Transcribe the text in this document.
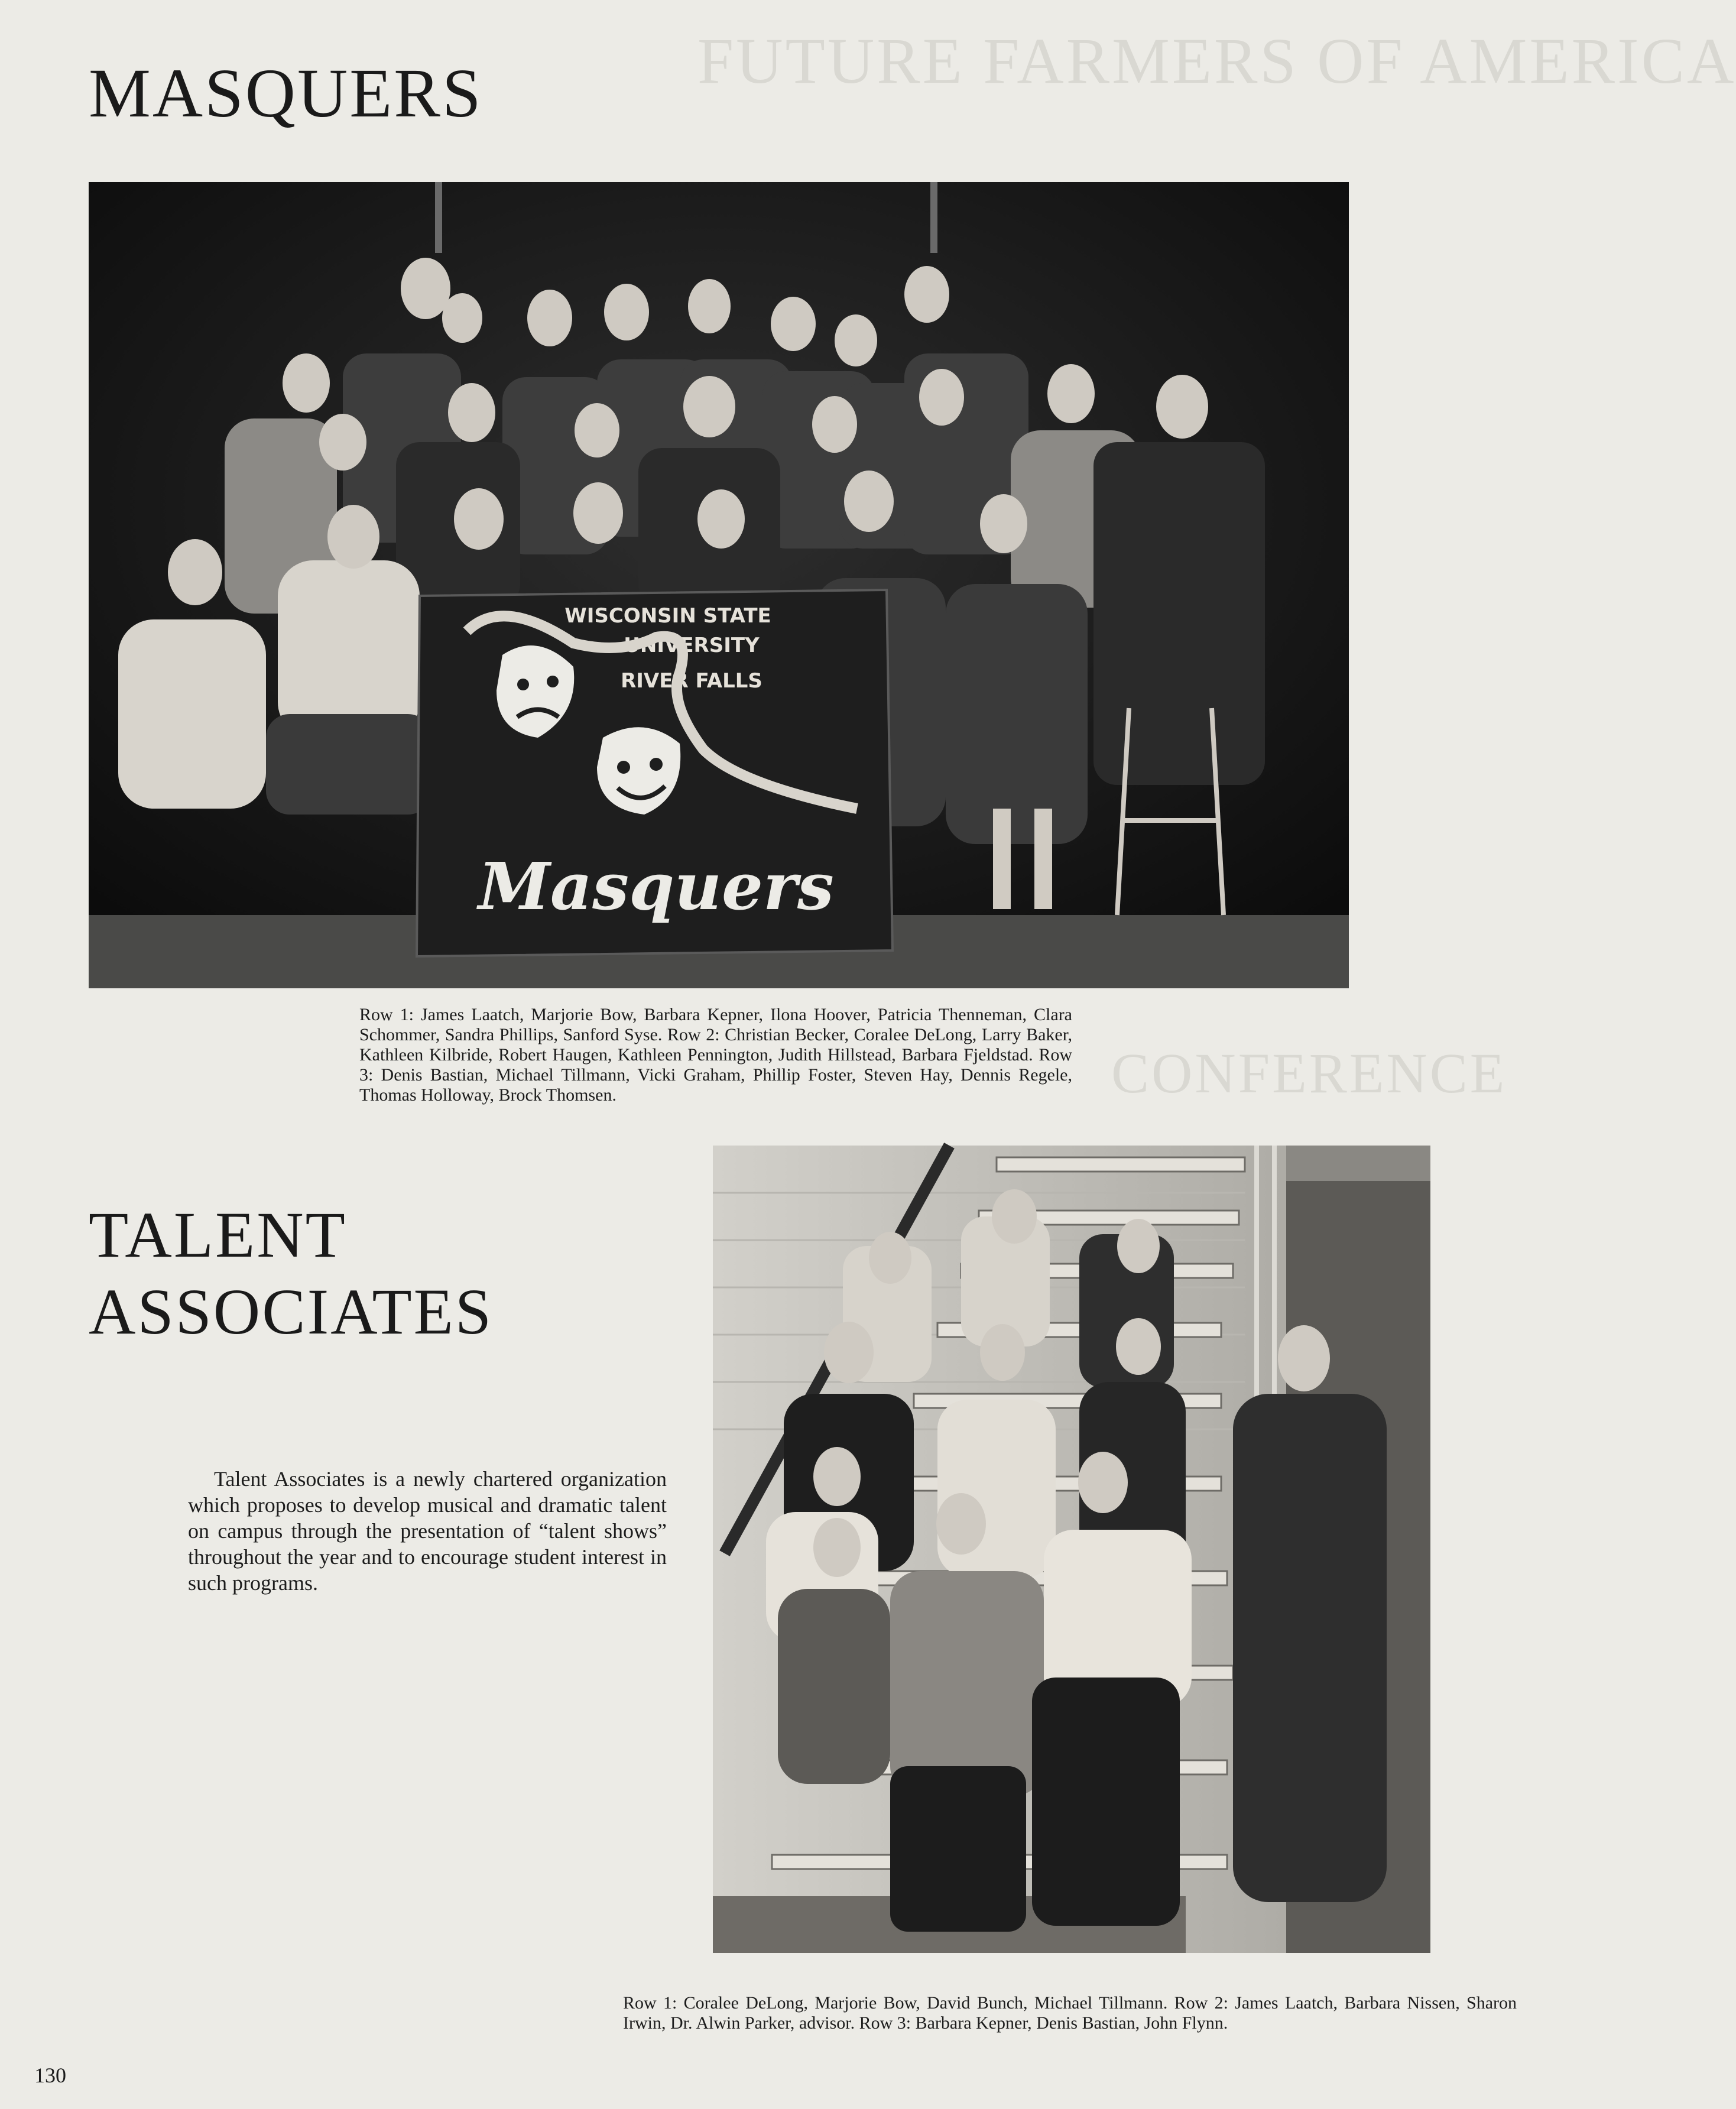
FUTURE FARMERS OF AMERICA
CONFERENCE
MASQUERS
WISCONSIN STATE
UNIVERSITY
RIVER FALLS
Masquers

Row 1: James Laatch, Marjorie Bow, Barbara Kepner, Ilona Hoover, Patricia Thenneman, Clara Schommer, Sandra Phillips, Sanford Syse. Row 2: Christian Becker, Coralee DeLong, Larry Baker, Kathleen Kilbride, Robert Haugen, Kathleen Pennington, Judith Hillstead, Barbara Fjeldstad. Row 3: Denis Bastian, Michael Tillmann, Vicki Graham, Phillip Foster, Steven Hay, Dennis Regele, Thomas Holloway, Brock Thomsen.

TALENT
ASSOCIATES

Talent Associates is a newly chartered organization which proposes to develop musical and dramatic talent on campus through the presentation of “talent shows” throughout the year and to encourage student interest in such programs.

Row 1: Coralee DeLong, Marjorie Bow, David Bunch, Michael Tillmann. Row 2: James Laatch, Barbara Nissen, Sharon Irwin, Dr. Alwin Parker, advisor. Row 3: Barbara Kepner, Denis Bastian, John Flynn.

130
